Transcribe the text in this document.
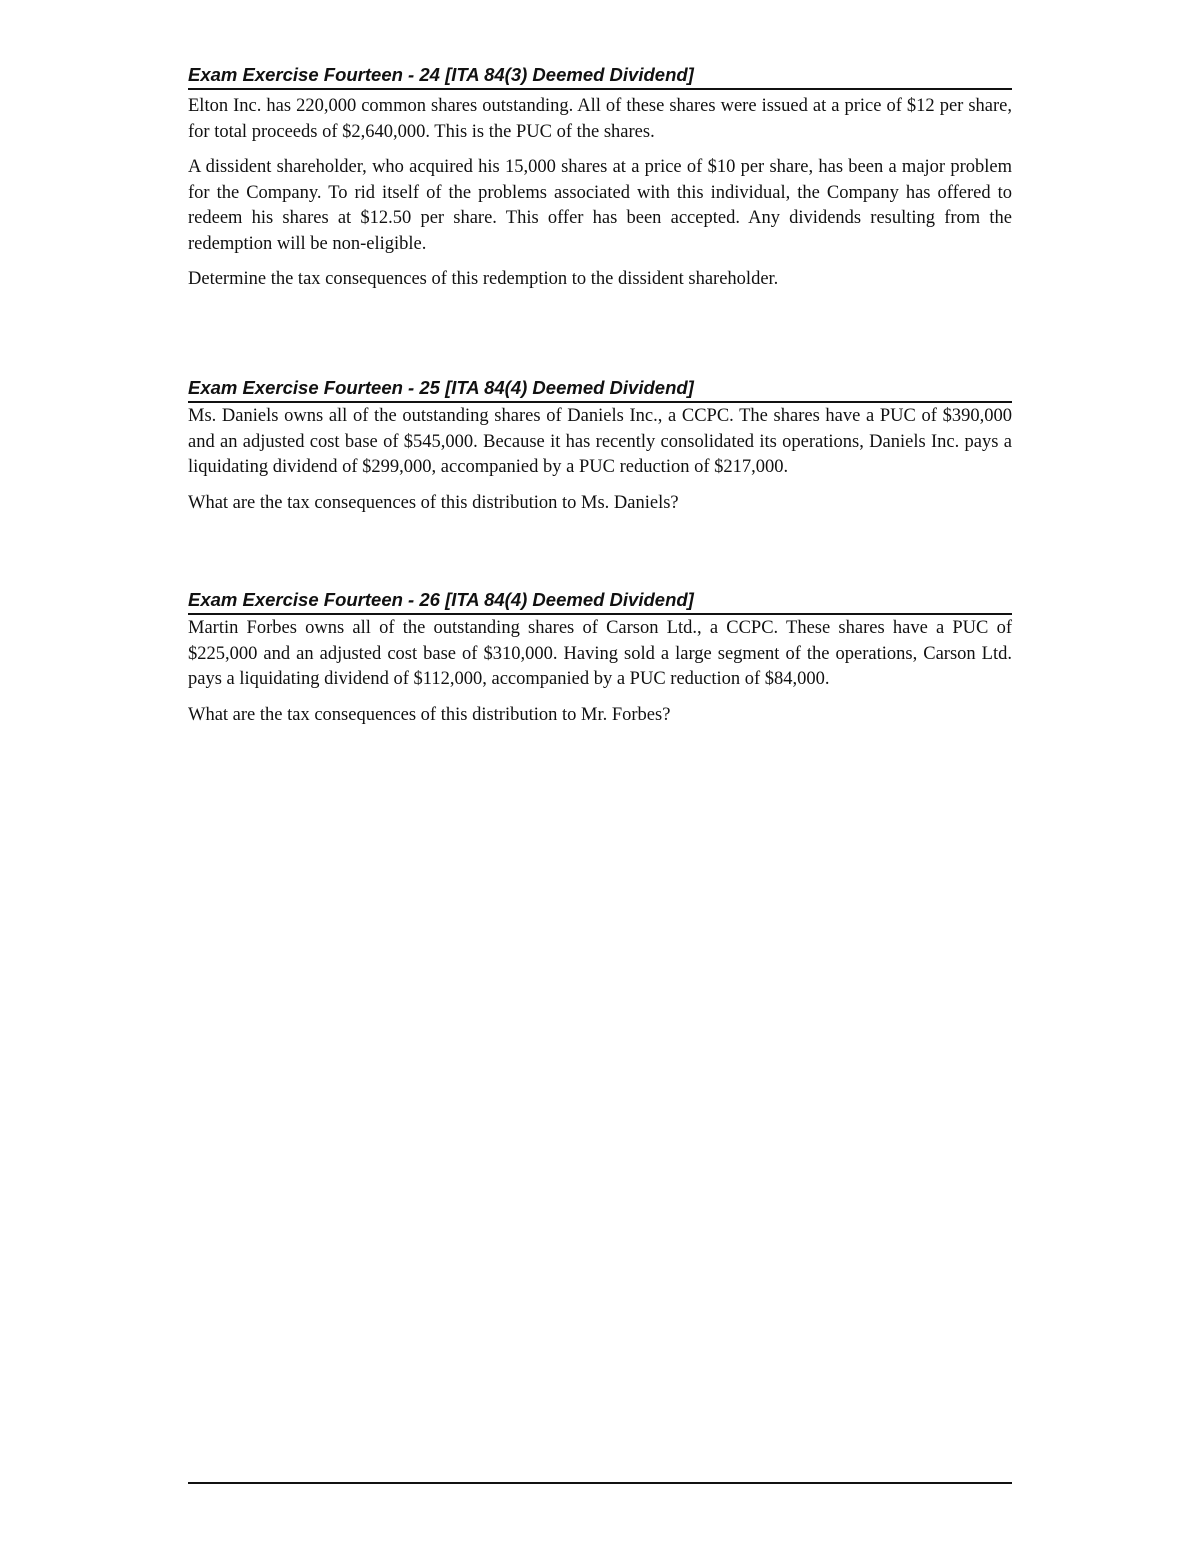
Exam Exercise Fourteen - 24 [ITA 84(3) Deemed Dividend]

Elton Inc. has 220,000 common shares outstanding. All of these shares were issued at a price of $12 per share, for total proceeds of $2,640,000. This is the PUC of the shares.

A dissident shareholder, who acquired his 15,000 shares at a price of $10 per share, has been a major problem for the Company. To rid itself of the problems associated with this individual, the Company has offered to redeem his shares at $12.50 per share. This offer has been accepted. Any dividends resulting from the redemption will be non-eligible.

Determine the tax consequences of this redemption to the dissident shareholder.

Exam Exercise Fourteen - 25 [ITA 84(4) Deemed Dividend]

Ms. Daniels owns all of the outstanding shares of Daniels Inc., a CCPC. The shares have a PUC of $390,000 and an adjusted cost base of $545,000. Because it has recently consolidated its operations, Daniels Inc. pays a liquidating dividend of $299,000, accompanied by a PUC reduction of $217,000.

What are the tax consequences of this distribution to Ms. Daniels?

Exam Exercise Fourteen - 26 [ITA 84(4) Deemed Dividend]

Martin Forbes owns all of the outstanding shares of Carson Ltd., a CCPC. These shares have a PUC of $225,000 and an adjusted cost base of $310,000. Having sold a large segment of the operations, Carson Ltd. pays a liquidating dividend of $112,000, accompanied by a PUC reduction of $84,000.

What are the tax consequences of this distribution to Mr. Forbes?
